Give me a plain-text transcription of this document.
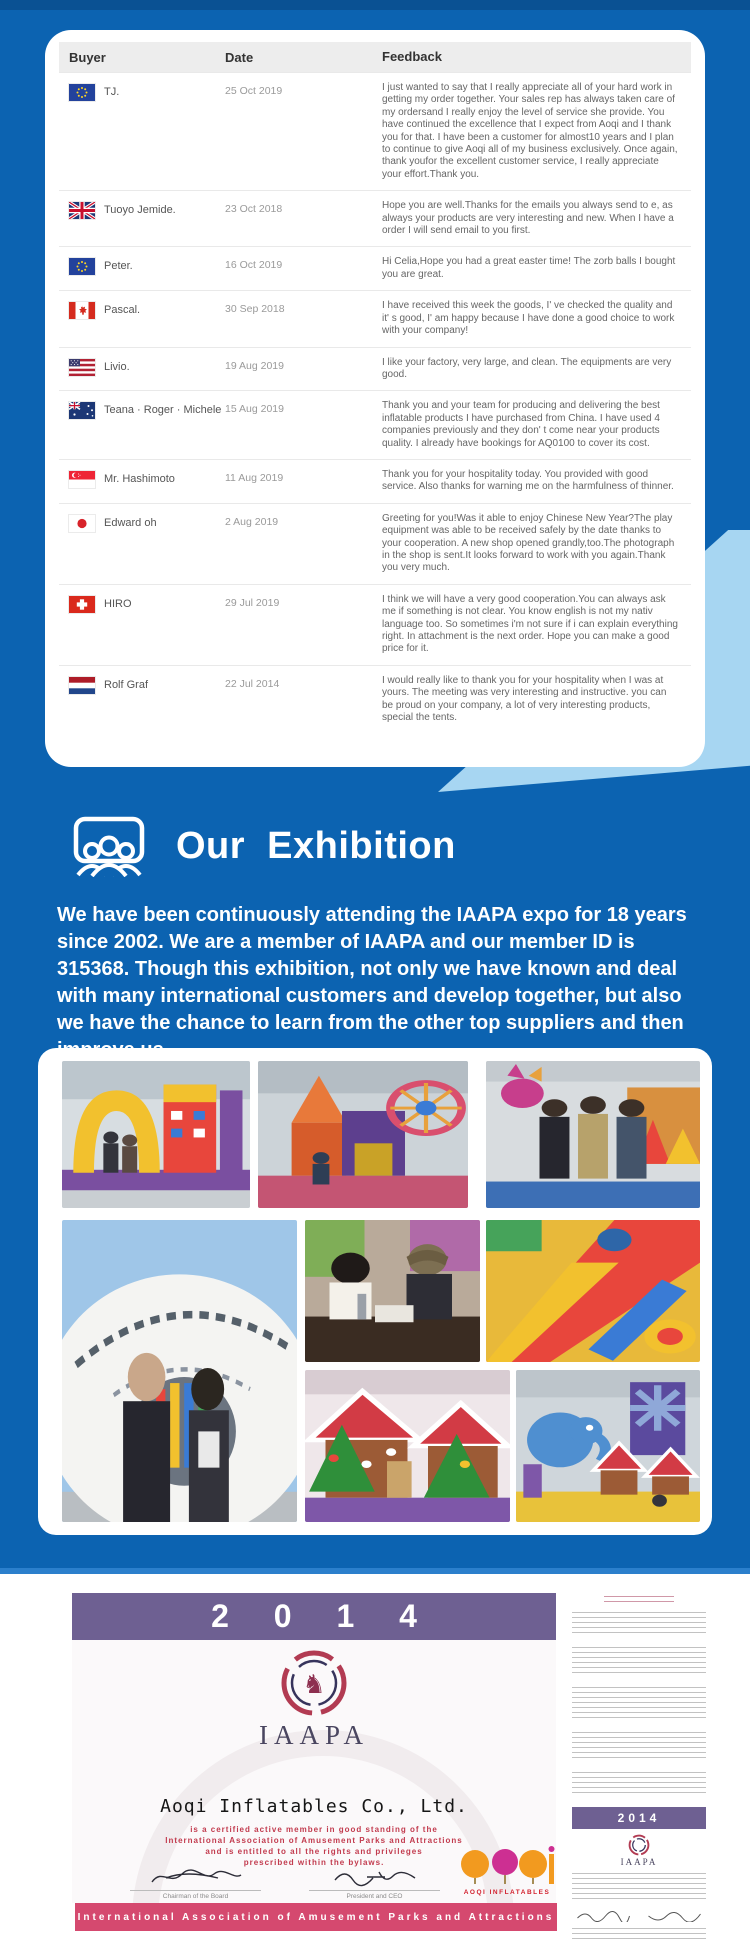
Buyer	Date	Feedback
TJ.	25 Oct 2019	I just wanted to say that I really appreciate all of your hard work in getting my order together. Your sales rep has always taken care of my ordersand I really enjoy the level of service she provide. You have continued the excellence that I expect from Aoqi and I thank you for that. I have been a customer for almost10 years and I plan to continue to give Aoqi all of my business exclusively. Once again, thank youfor the excellent customer service, I really appreciate your effort.Thank you.
Tuoyo Jemide.	23 Oct 2018	Hope you are well.Thanks for the emails you always send to e, as always your products are very interesting and new. When I have a order I will send email to you first.
Peter.	16 Oct 2019	Hi Celia,Hope you had a great easter time! The zorb balls I bought you are great.
Pascal.	30 Sep 2018	I have received this week the goods, I' ve checked the quality and it' s good, I' am happy because I have done a good choice to work with your company!
Livio.	19 Aug 2019	I like your factory, very large, and clean. The equipments are very good.
Teana · Roger · Michele 15 Aug 2019	Thank you and your team for producing and delivering the best inflatable products I have purchased from China. I have used 4 companies previously and they don' t come near your products quality. I already have bookings for AQ0100 to cover its cost.
Mr. Hashimoto	11 Aug 2019	Thank you for your hospitality today. You provided with good service. Also thanks for warning me on the harmfulness of thinner.
Edward oh	2 Aug 2019	Greeting for you!Was it able to enjoy Chinese New Year?The play equipment was able to be received safely by the date thanks to your cooperation. A new shop opened grandly,too.The photograph in the shop is sent.It looks forward to work with you again.Thank you very much.
HIRO	29 Jul 2019	I think we will have a very good cooperation.You can always ask me if something is not clear. You know english is not my nativ language too. So sometimes i'm not sure if i can explain everything right. In attachment is the next order. Hope you can make a good price for it.
Rolf Graf	22 Jul 2014	I would really like to thank you for your hospitality when I was at yours. The meeting was very interesting and instructive. you can be proud on your company, a lot of very interesting products, special the tents.
Our  Exhibition
We have been continuously attending the IAAPA expo for 18 years since 2002. We are a member of IAAPA and our member ID is 315368. Though this exhibition, not only we have known and deal with many international customers and develop together, but also we have the chance to learn from the other top suppliers and then
2 0 1 4
♞
IAAPA
Aoqi Inflatables Co., Ltd.
is a certified active member in good standing of the
International Association of Amusement Parks and Attractions
and is entitled to all the rights and privileges
prescribed within the bylaws.
Chairman of the Board	President and CEO
AOQI INFLATABLES
International Association of Amusement Parks and Attractions
2014
IAAPA
